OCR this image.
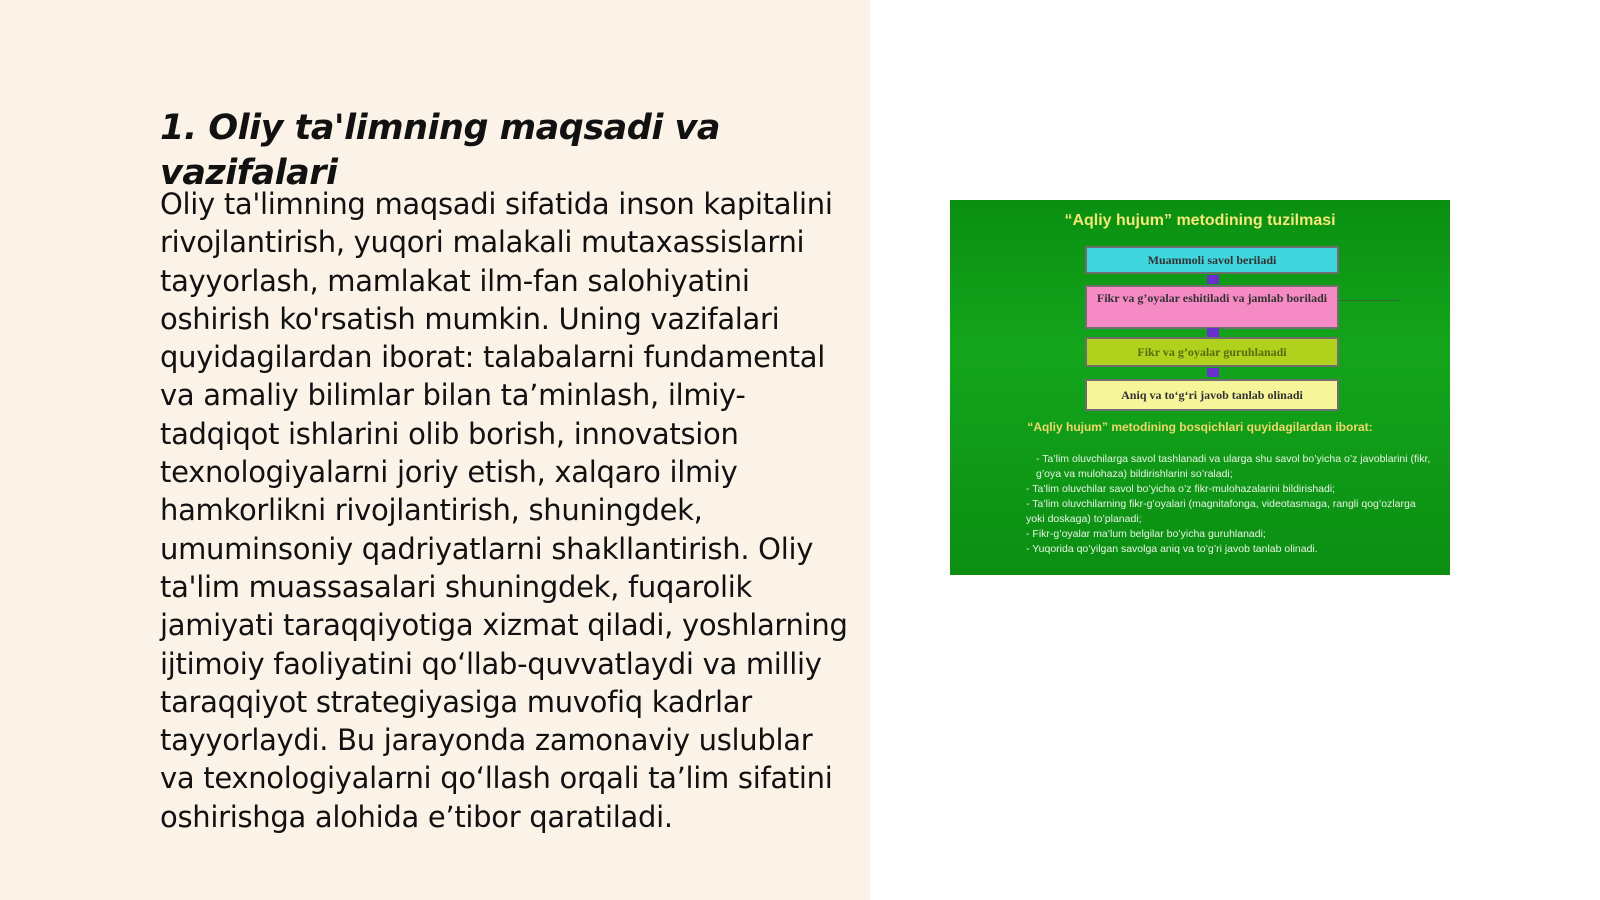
1. Oliy ta'limning maqsadi va vazifalari
Oliy ta'limning maqsadi sifatida inson kapitalini rivojlantirish, yuqori malakali mutaxassislarni tayyorlash, mamlakat ilm-fan salohiyatini oshirish ko'rsatish mumkin. Uning vazifalari quyidagilardan iborat: talabalarni fundamental va amaliy bilimlar bilan ta’minlash, ilmiy-tadqiqot ishlarini olib borish, innovatsion texnologiyalarni joriy etish, xalqaro ilmiy hamkorlikni rivojlantirish, shuningdek, umuminsoniy qadriyatlarni shakllantirish. Oliy ta'lim muassasalari shuningdek, fuqarolik jamiyati taraqqiyotiga xizmat qiladi, yoshlarning ijtimoiy faoliyatini qo‘llab-quvvatlaydi va milliy taraqqiyot strategiyasiga muvofiq kadrlar tayyorlaydi. Bu jarayonda zamonaviy uslublar va texnologiyalarni qo‘llash orqali ta’lim sifatini oshirishga alohida e’tibor qaratiladi.
“Aqliy hujum” metodining tuzilmasi
Muammoli savol beriladi
Fikr va g’oyalar eshitiladi va jamlab boriladi
Fikr va g’oyalar guruhlanadi
Aniq va to‘g‘ri javob tanlab olinadi
“Aqliy hujum” metodining bosqichlari quyidagilardan iborat:
- Ta’lim oluvchilarga savol tashlanadi va ularga shu savol bo’yicha o’z javoblarini (fikr, g’oya va mulohaza) bildirishlarini so’raladi;
- Ta’lim oluvchilar savol bo’yicha o’z fikr-mulohazalarini bildirishadi;
- Ta’lim oluvchilarning fikr-g’oyalari (magnitafonga, videotasmaga, rangli qog’ozlarga yoki doskaga) to’planadi;
- Fikr-g’oyalar ma’lum belgilar bo’yicha guruhlanadi;
- Yuqorida qo’yilgan savolga aniq va to’g’ri javob tanlab olinadi.
